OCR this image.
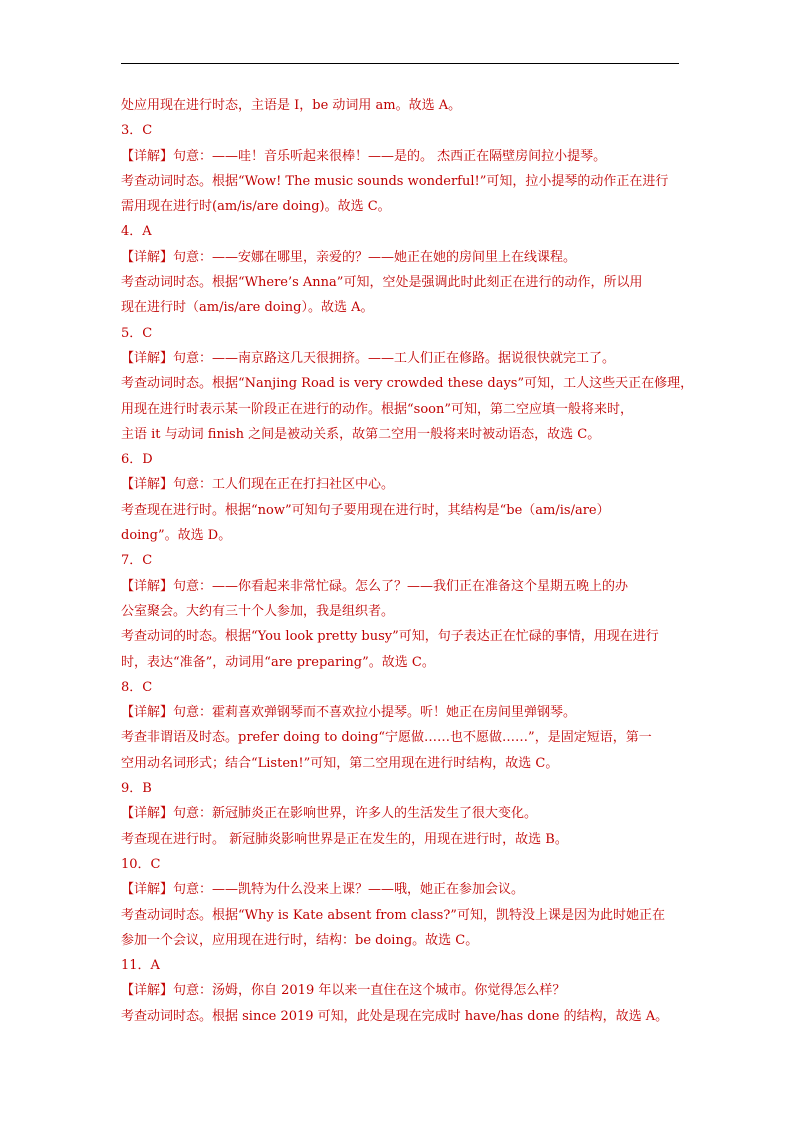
处应用现在进行时态，主语是 I，be 动词用 am。故选 A。
3．C
【详解】句意：——哇！音乐听起来很棒！——是的。 杰西正在隔壁房间拉小提琴。
考查动词时态。根据“Wow! The music sounds wonderful!”可知，拉小提琴的动作正在进行
需用现在进行时(am/is/are doing)。故选 C。
4．A
【详解】句意：——安娜在哪里，亲爱的？——她正在她的房间里上在线课程。
考查动词时态。根据“Where’s Anna”可知，空处是强调此时此刻正在进行的动作，所以用
现在进行时（am/is/are doing）。故选 A。
5．C
【详解】句意：——南京路这几天很拥挤。——工人们正在修路。据说很快就完工了。
考查动词时态。根据“Nanjing Road is very crowded these days”可知，工人这些天正在修理，
用现在进行时表示某一阶段正在进行的动作。根据“soon”可知，第二空应填一般将来时，
主语 it 与动词 finish 之间是被动关系，故第二空用一般将来时被动语态，故选 C。
6．D
【详解】句意：工人们现在正在打扫社区中心。
考查现在进行时。根据“now”可知句子要用现在进行时，其结构是“be（am/is/are）
doing”。故选 D。
7．C
【详解】句意：——你看起来非常忙碌。怎么了？——我们正在准备这个星期五晚上的办
公室聚会。大约有三十个人参加，我是组织者。
考查动词的时态。根据“You look pretty busy”可知，句子表达正在忙碌的事情，用现在进行
时，表达“准备”，动词用“are preparing”。故选 C。
8．C
【详解】句意：霍莉喜欢弹钢琴而不喜欢拉小提琴。听！她正在房间里弹钢琴。
考查非谓语及时态。prefer doing to doing“宁愿做……也不愿做……”，是固定短语，第一
空用动名词形式；结合“Listen!”可知，第二空用现在进行时结构，故选 C。
9．B
【详解】句意：新冠肺炎正在影响世界，许多人的生活发生了很大变化。
考查现在进行时。 新冠肺炎影响世界是正在发生的，用现在进行时，故选 B。
10．C
【详解】句意：——凯特为什么没来上课？——哦，她正在参加会议。
考查动词时态。根据“Why is Kate absent from class?”可知，凯特没上课是因为此时她正在
参加一个会议，应用现在进行时，结构：be doing。故选 C。
11．A
【详解】句意：汤姆，你自 2019 年以来一直住在这个城市。你觉得怎么样？
考查动词时态。根据 since 2019 可知，此处是现在完成时 have/has done 的结构，故选 A。
